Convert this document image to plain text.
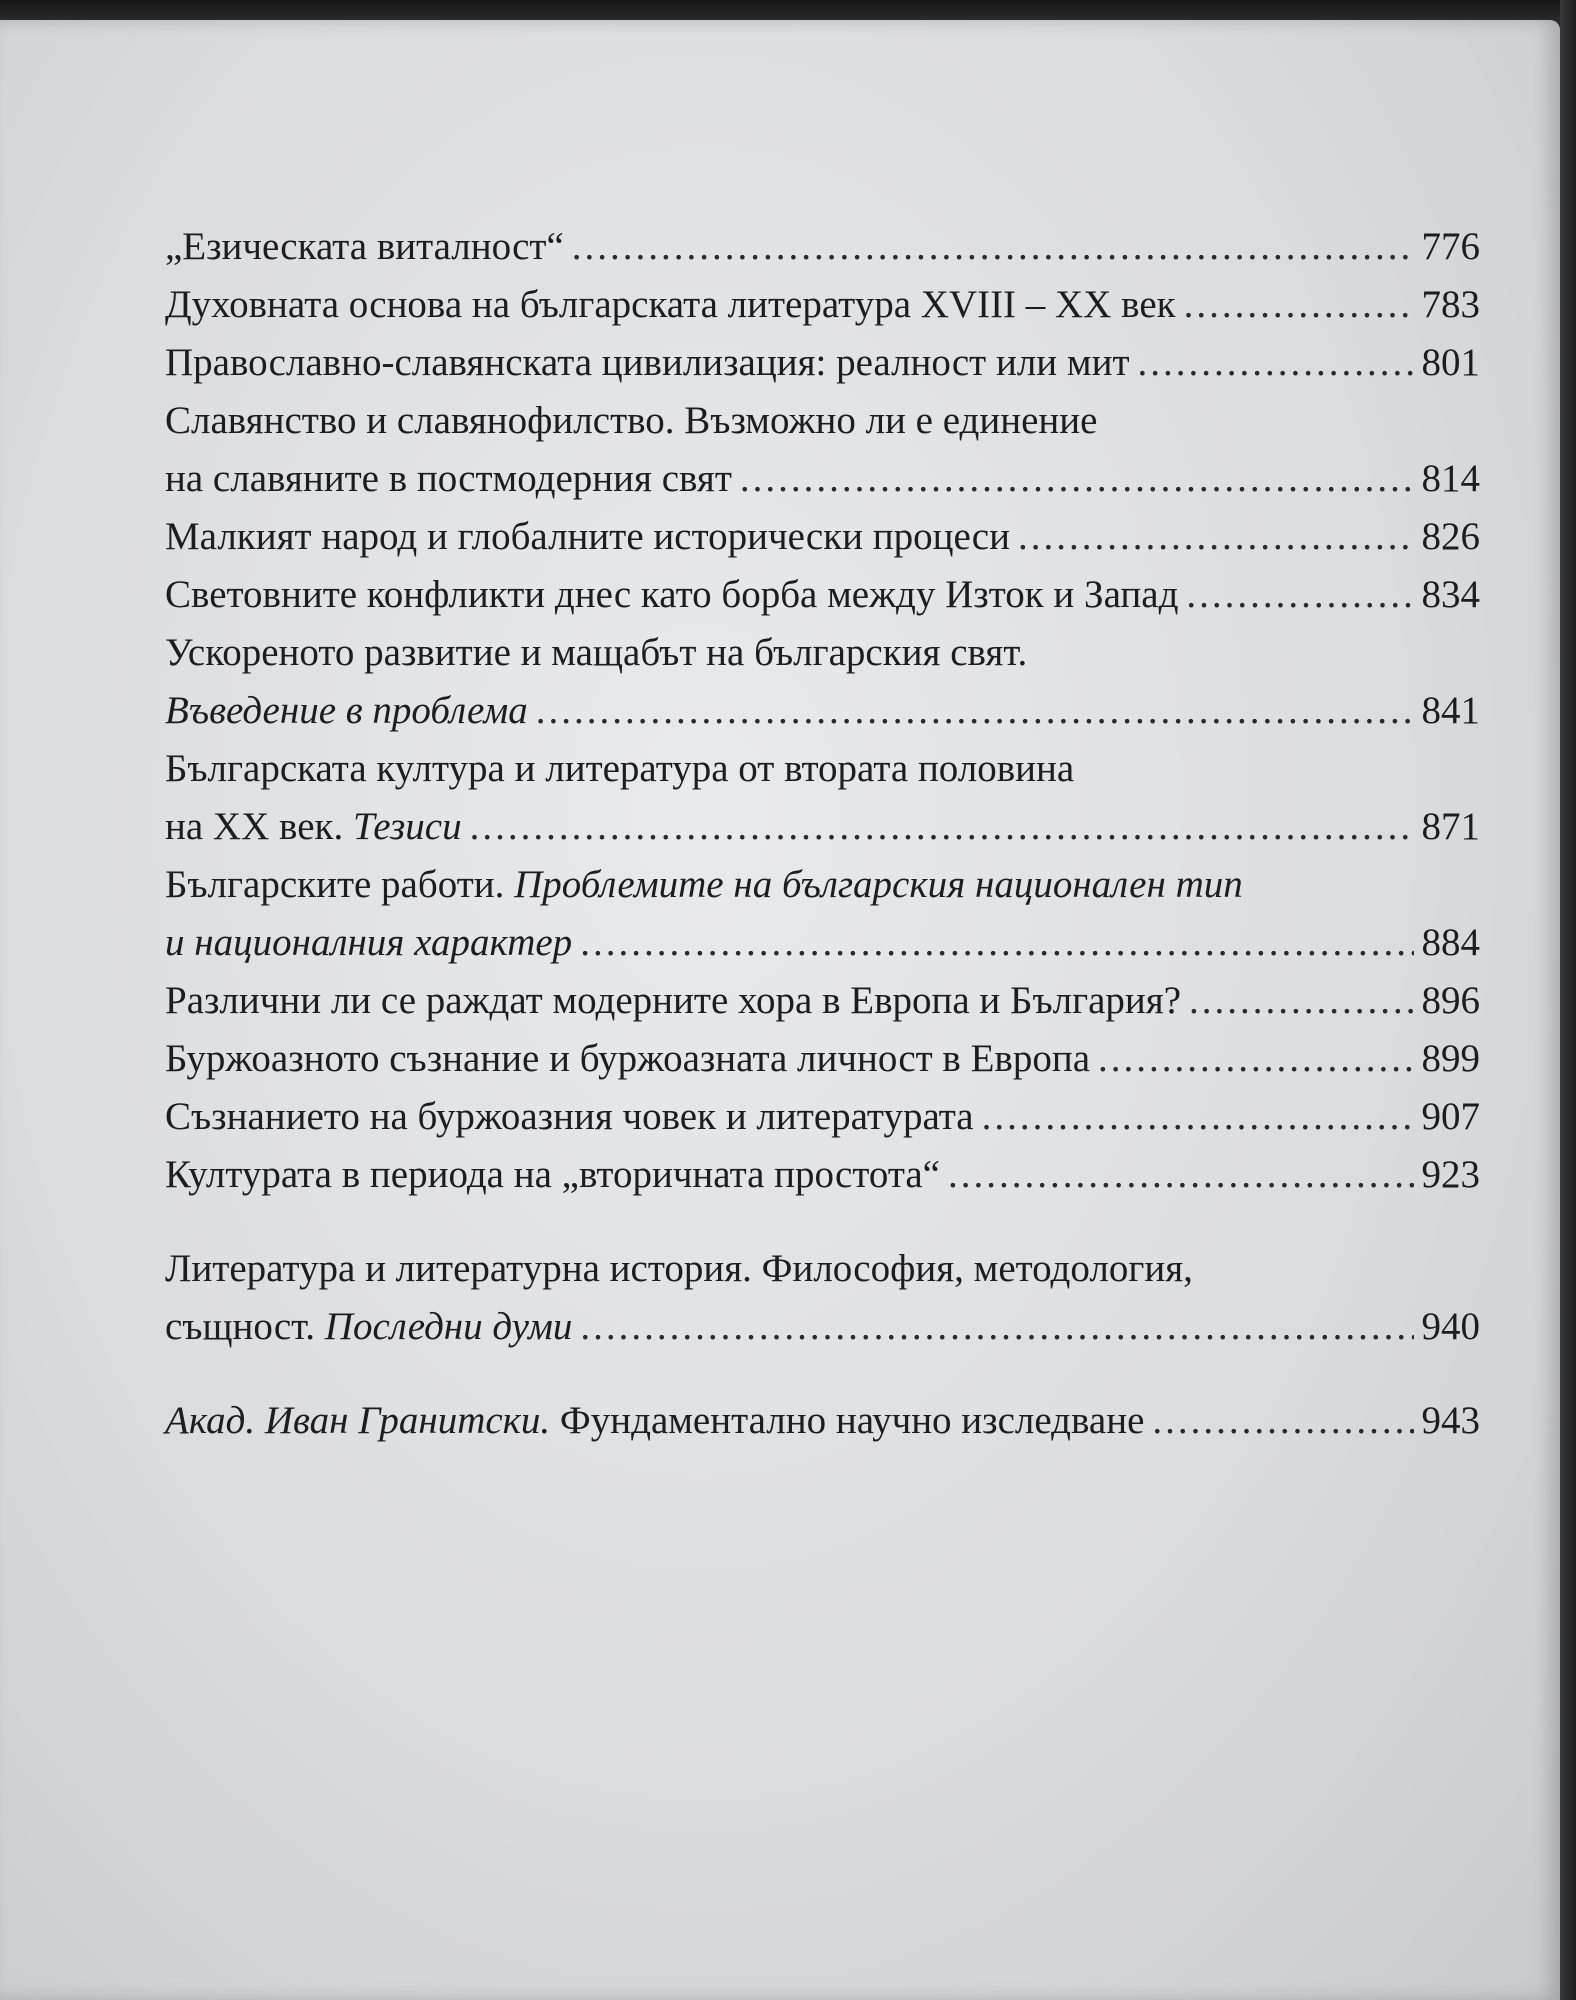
„Езическата виталност“ .....	776
Духовната основа на българската литература XVIII – XX век .....	783
Православно-славянската цивилизация: реалност или мит .....	801
Славянство и славянофилство. Възможно ли е единение
на славяните в постмодерния свят .....	814
Малкият народ и глобалните исторически процеси .....	826
Световните конфликти днес като борба между Изток и Запад .....	834
Ускореното развитие и мащабът на българския свят.
Въведение в проблема .....	841
Българската култура и литература от втората половина
на XX век. Тезиси .....	871
Българските работи. Проблемите на българския национален тип
и националния характер .....	884
Различни ли се раждат модерните хора в Европа и България? .....	896
Буржоазното съзнание и буржоазната личност в Европа .....	899
Съзнанието на буржоазния човек и литературата .....	907
Културата в периода на „вторичната простота“ .....	923
Литература и литературна история. Философия, методология,
същност. Последни думи .....	940
Акад. Иван Гранитски. Фундаментално научно изследване .....	943
